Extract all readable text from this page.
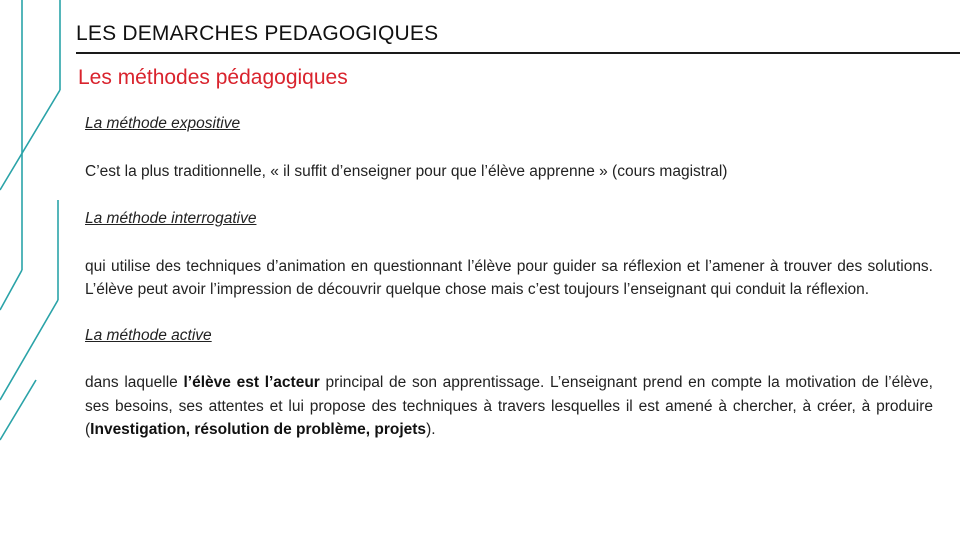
LES DEMARCHES PEDAGOGIQUES
Les méthodes pédagogiques

La méthode expositive

C’est la plus traditionnelle, « il suffit d’enseigner pour que l’élève apprenne » (cours magistral)

La méthode interrogative

qui utilise des techniques d’animation en questionnant l’élève pour guider sa réflexion et l’amener à trouver des solutions. L’élève peut avoir l’impression de découvrir quelque chose mais c’est toujours l’enseignant qui conduit la réflexion.

La méthode active

dans laquelle l’élève est l’acteur principal de son apprentissage. L’enseignant prend en compte la motivation de l’élève, ses besoins, ses attentes et lui propose des techniques à travers lesquelles il est amené à chercher, à créer, à produire (Investigation, résolution de problème, projets).
